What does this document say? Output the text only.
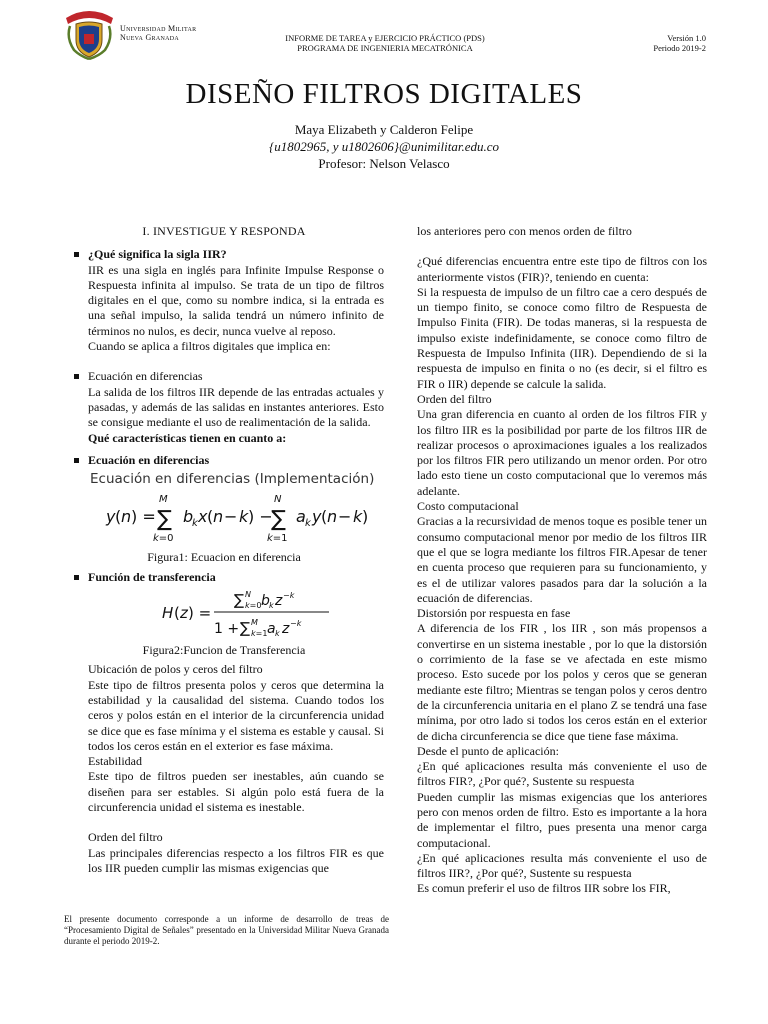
Universidad Militar
Nueva Granada	INFORME DE TAREA y EJERCICIO PRÁCTICO (PDS)
PROGRAMA DE INGENIERIA MECATRÓNICA
Versión 1.0
Periodo 2019-2
DISEÑO FILTROS DIGITALES
Maya Elizabeth y Calderon Felipe
{u1802965, y u1802606}@unimilitar.edu.co
Profesor: Nelson Velasco
I. INVESTIGUE Y RESPONDA
¿Qué significa la sigla IIR?
IIR es una sigla en inglés para Infinite Impulse Response o Respuesta infinita al impulso. Se trata de un tipo de filtros digitales en el que, como su nombre indica, si la entrada es una señal impulso, la salida tendrá un número infinito de términos no nulos, es decir, nunca vuelve al reposo.
Cuando se aplica a filtros digitales que implica en:
Ecuación en diferencias
La salida de los filtros IIR depende de las entradas actuales y pasadas, y además de las salidas en instantes anteriores. Esto se consigue mediante el uso de realimentación de la salida.
Qué características tienen en cuanto a:
Ecuación en diferencias
Ecuación en diferencias (Implementación)
y ( n ) =
M
∑
k=0
b
k x ( n − k ) −
N
∑
k=1
a k y ( n − k )
Figura1: Ecuacion en diferencia
Función de transferencia
H ( z ) =
∑ N
k=0 b k z −k
1 + ∑ M
k=1 a k z −k
Figura2:Funcion de Transferencia
Ubicación de polos y ceros del filtro
Este tipo de filtros presenta polos y ceros que determina la estabilidad y la causalidad del sistema. Cuando todos los ceros y polos están en el interior de la circunferencia unidad se dice que es fase mínima y el sistema es estable y causal. Si todos los ceros están en el exterior es fase máxima.
Estabilidad
Este tipo de filtros pueden ser inestables, aún cuando se diseñen para ser estables. Si algún polo está fuera de la circunferencia unidad el sistema es inestable.
Orden del filtro
Las principales diferencias respecto a los filtros FIR es que los IIR pueden cumplir las mismas exigencias que
El presente documento corresponde a un informe de desarrollo de treas de “Procesamiento Digital de Señales” presentado en la Universidad Militar Nueva Granada durante el periodo 2019-2.
los anteriores pero con menos orden de filtro
¿Qué diferencias encuentra entre este tipo de filtros con los anteriormente vistos (FIR)?, teniendo en cuenta:
Si la respuesta de impulso de un filtro cae a cero después de un tiempo finito, se conoce como filtro de Respuesta de Impulso Finita (FIR). De todas maneras, si la respuesta de impulso existe indefinidamente, se conoce como filtro de Respuesta de Impulso Infinita (IIR). Dependiendo de si la respuesta de impulso en finita o no (es decir, si el filtro es FIR o IIR) depende se calcule la salida.
Orden del filtro
Una gran diferencia en cuanto al orden de los filtros FIR y los filtro IIR es la posibilidad por parte de los filtros IIR de realizar procesos o aproximaciones iguales a los realizados por los filtros FIR pero utilizando un menor orden. Por otro lado esto tiene un costo computacional que lo veremos más adelante.
Costo computacional
Gracias a la recursividad de menos toque es posible tener un consumo computacional menor por medio de los filtros IIR que el que se logra mediante los filtros FIR.Apesar de tener en cuenta proceso que requieren para su funcionamiento, y es el de utilizar valores pasados para dar la solución a la ecuación de diferencias.
Distorsión por respuesta en fase
A diferencia de los FIR , los IIR , son más propensos a convertirse en un sistema inestable , por lo que la distorsión o corrimiento de la fase se ve afectada en este mismo proceso. Esto sucede por los polos y ceros que se generan mediante este filtro; Mientras se tengan polos y ceros dentro de la circunferencia unitaria en el plano Z se tendrá una fase mínima, por otro lado si todos los ceros están en el exterior de dicha circunferencia se dice que tiene fase máxima.
Desde el punto de aplicación:
¿En qué aplicaciones resulta más conveniente el uso de filtros FIR?, ¿Por qué?, Sustente su respuesta
Pueden cumplir las mismas exigencias que los anteriores pero con menos orden de filtro. Esto es importante a la hora de implementar el filtro, pues presenta una menor carga computacional.
¿En qué aplicaciones resulta más conveniente el uso de filtros IIR?, ¿Por qué?, Sustente su respuesta
Es comun preferir el uso de filtros IIR sobre los FIR,
